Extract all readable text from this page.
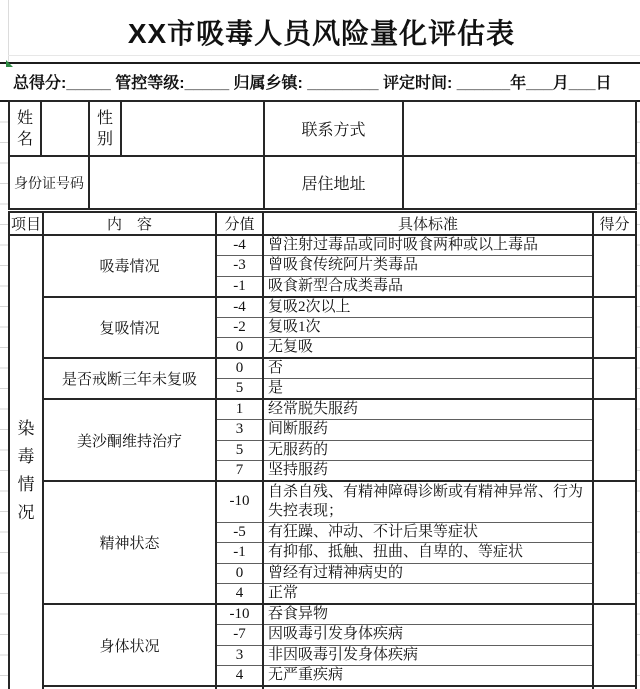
XX市吸毒人员风险量化评估表
总得分:_____ 管控等级:_____ 归属乡镇: ________ 评定时间: ______年___月___日
姓名		性别		联系方式	
身份证号码				居住地址	
项目	内　容	分值	具体标准	得分

染毒情况	吸毒情况	-4	曾注射过毒品或同时吸食两种或以上毒品	
		-3	曾吸食传统阿片类毒品	
		-1	吸食新型合成类毒品	
	复吸情况	-4	复吸2次以上	
		-2	复吸1次	
		0	无复吸	
	是否戒断三年未复吸	0	否	
		5	是	
	美沙酮维持治疗	1	经常脱失服药	
		3	间断服药	
		5	无服药的	
		7	坚持服药	
	精神状态	-10	自杀自残、有精神障碍诊断或有精神异常、行为失控表现；	
		-5	有狂躁、冲动、不计后果等症状	
		-1	有抑郁、抵触、扭曲、自卑的、等症状	
		0	曾经有过精神病史的	
		4	正常	
	身体状况	-10	吞食异物	
		-7	因吸毒引发身体疾病	
		3	非因吸毒引发身体疾病	
		4	无严重疾病	
